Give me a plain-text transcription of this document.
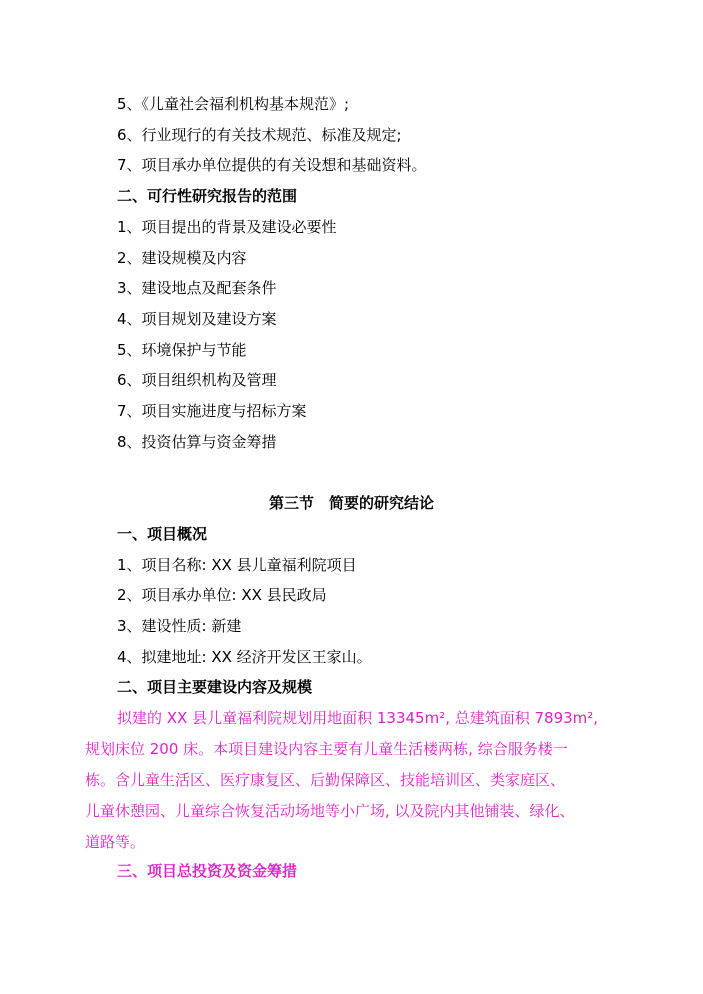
5、《儿童社会福利机构基本规范》;
6、行业现行的有关技术规范、标准及规定;
7、项目承办单位提供的有关设想和基础资料。
二、可行性研究报告的范围
1、项目提出的背景及建设必要性
2、建设规模及内容
3、建设地点及配套条件
4、项目规划及建设方案
5、环境保护与节能
6、项目组织机构及管理
7、项目实施进度与招标方案
8、投资估算与资金筹措
第三节　简要的研究结论
一、项目概况
1、项目名称: XX 县儿童福利院项目
2、项目承办单位: XX 县民政局
3、建设性质: 新建
4、拟建地址: XX 经济开发区王家山。
二、项目主要建设内容及规模
拟建的 XX 县儿童福利院规划用地面积 13345m², 总建筑面积 7893m²,
规划床位 200 床。本项目建设内容主要有儿童生活楼两栋, 综合服务楼一
栋。含儿童生活区、医疗康复区、后勤保障区、技能培训区、类家庭区、
儿童休憩园、儿童综合恢复活动场地等小广场, 以及院内其他铺装、绿化、
道路等。
三、项目总投资及资金筹措
